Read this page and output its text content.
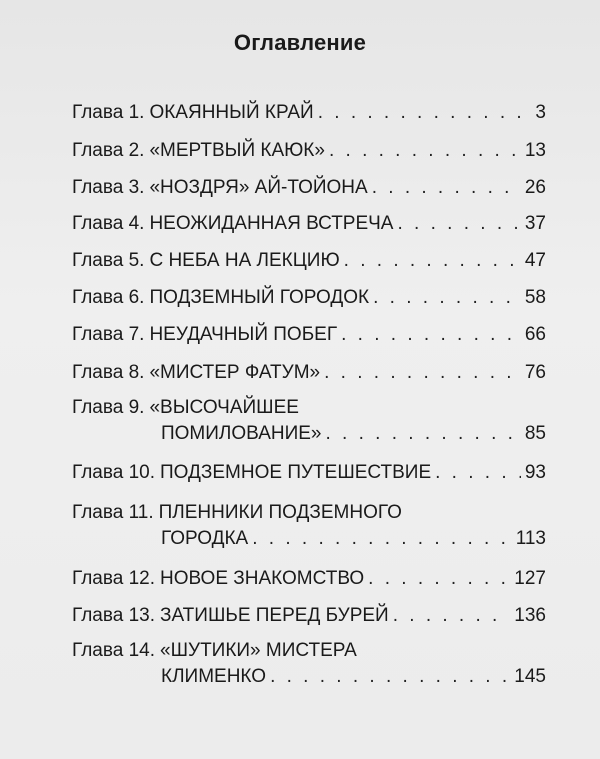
Оглавление
Глава 1. ОКАЯННЫЙ КРАЙ . . .	3
Глава 2. «МЕРТВЫЙ КАЮК» . . .	13
Глава 3. «НОЗДРЯ» АЙ-ТОЙОНА . . .	26
Глава 4. НЕОЖИДАННАЯ ВСТРЕЧА . . .	37
Глава 5. С НЕБА НА ЛЕКЦИЮ . . .	47
Глава 6. ПОДЗЕМНЫЙ ГОРОДОК . . .	58
Глава 7. НЕУДАЧНЫЙ ПОБЕГ . . .	66
Глава 8. «МИСТЕР ФАТУМ» . . .	76
Глава 9. «ВЫСОЧАЙШЕЕ
ПОМИЛОВАНИЕ» . . .	85
Глава 10. ПОДЗЕМНОЕ ПУТЕШЕСТВИЕ . . .	93
Глава 11. ПЛЕННИКИ ПОДЗЕМНОГО
ГОРОДКА . . .	113
Глава 12. НОВОЕ ЗНАКОМСТВО . . .	127
Глава 13. ЗАТИШЬЕ ПЕРЕД БУРЕЙ . . .	136
Глава 14. «ШУТИКИ» МИСТЕРА
КЛИМЕНКО . . .	145
